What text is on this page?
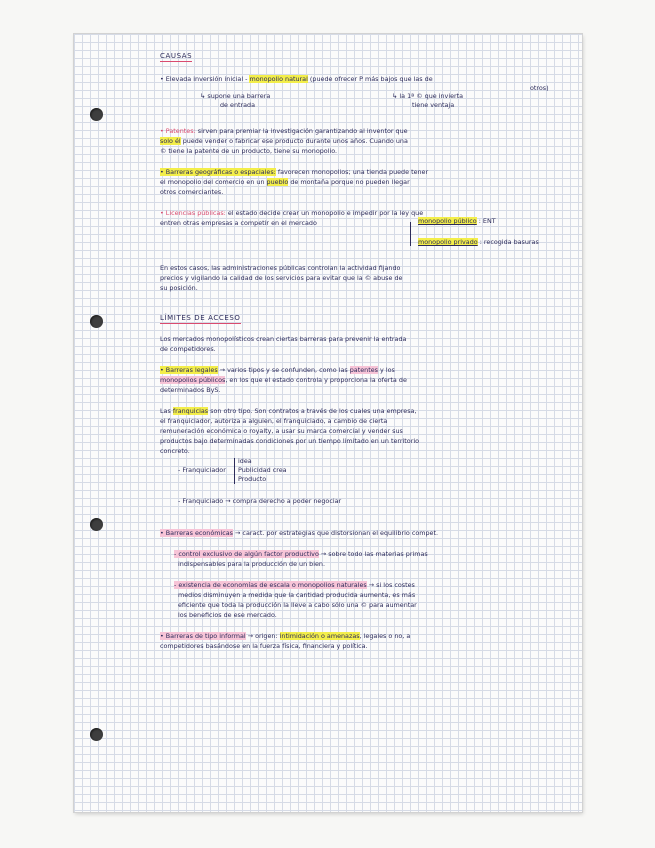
CAUSAS
• Elevada inversión inicial - monopolio natural (puede ofrecer P más bajos que las de
otros)
↳ supone una barrera
de entrada
↳ la 1ª © que invierta
tiene ventaja
• Patentes: sirven para premiar la investigación garantizando al inventor que
solo él puede vender o fabricar ese producto durante unos años. Cuando una
© tiene la patente de un producto, tiene su monopolio.
• Barreras geográficas o espaciales: favorecen monopolios; una tienda puede tener
el monopolio del comercio en un pueblo de montaña porque no pueden llegar
otros comerciantes.
• Licencias públicas: el estado decide crear un monopolio e impedir por la ley que
entren otras empresas a competir en el mercado	monopolio público : ENT
monopolio privado : recogida basuras
En estos casos, las administraciones públicas controlan la actividad fijando
precios y vigilando la calidad de los servicios para evitar que la © abuse de
su posición.
LÍMITES DE ACCESO
Los mercados monopolísticos crean ciertas barreras para prevenir la entrada
de competidores.
• Barreras legales → varios tipos y se confunden, como las patentes y los
monopolios públicos, en los que el estado controla y proporciona la oferta de
determinados ByS.
Las franquicias son otro tipo. Son contratos a través de los cuales una empresa,
el franquiciador, autoriza a alguien, el franquiciado, a cambio de cierta
remuneración económica o royalty, a usar su marca comercial y vender sus
productos bajo determinadas condiciones por un tiempo limitado en un territorio
concreto.
- Franquiciador
idea
Publicidad crea
Producto
- Franquiciado → compra derecho a poder negociar
• Barreras económicas → caract. por estrategias que distorsionan el equilibrio compet.
- control exclusivo de algún factor productivo → sobre todo las materias primas
indispensables para la producción de un bien.
- existencia de economías de escala o monopolios naturales → si los costes
medios disminuyen a medida que la cantidad producida aumenta, es más
eficiente que toda la producción la lleve a cabo sólo una © para aumentar
los beneficios de ese mercado.
• Barreras de tipo informal → origen: intimidación o amenazas, legales o no, a
competidores basándose en la fuerza física, financiera y política.
